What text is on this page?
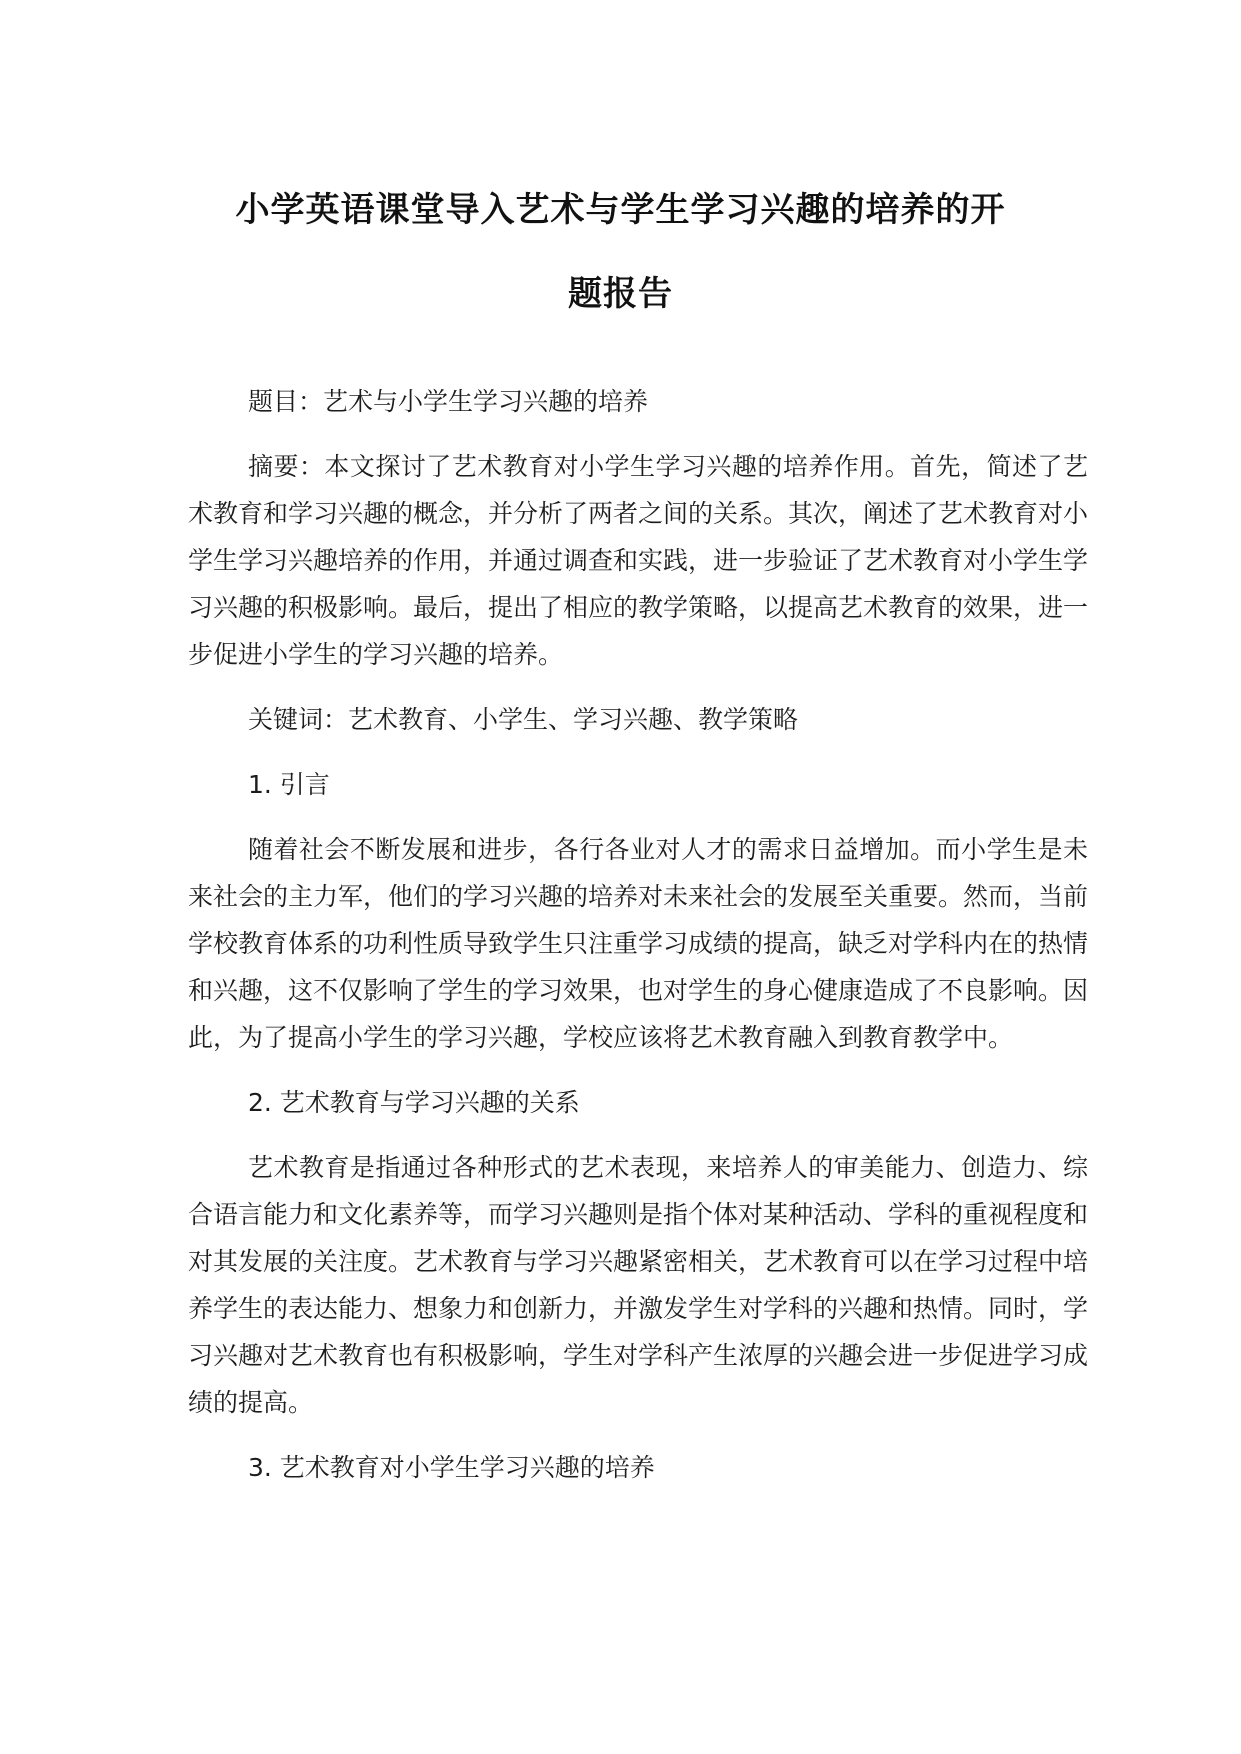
小学英语课堂导入艺术与学生学习兴趣的培养的开
题报告

题目：艺术与小学生学习兴趣的培养

摘要：本文探讨了艺术教育对小学生学习兴趣的培养作用。首先，简述了艺术教育和学习兴趣的概念，并分析了两者之间的关系。其次，阐述了艺术教育对小学生学习兴趣培养的作用，并通过调查和实践，进一步验证了艺术教育对小学生学习兴趣的积极影响。最后，提出了相应的教学策略，以提高艺术教育的效果，进一步促进小学生的学习兴趣的培养。

关键词：艺术教育、小学生、学习兴趣、教学策略

1. 引言

随着社会不断发展和进步，各行各业对人才的需求日益增加。而小学生是未来社会的主力军，他们的学习兴趣的培养对未来社会的发展至关重要。然而，当前学校教育体系的功利性质导致学生只注重学习成绩的提高，缺乏对学科内在的热情和兴趣，这不仅影响了学生的学习效果，也对学生的身心健康造成了不良影响。因此，为了提高小学生的学习兴趣，学校应该将艺术教育融入到教育教学中。

2. 艺术教育与学习兴趣的关系

艺术教育是指通过各种形式的艺术表现，来培养人的审美能力、创造力、综合语言能力和文化素养等，而学习兴趣则是指个体对某种活动、学科的重视程度和对其发展的关注度。艺术教育与学习兴趣紧密相关，艺术教育可以在学习过程中培养学生的表达能力、想象力和创新力，并激发学生对学科的兴趣和热情。同时，学习兴趣对艺术教育也有积极影响，学生对学科产生浓厚的兴趣会进一步促进学习成绩的提高。

3. 艺术教育对小学生学习兴趣的培养
